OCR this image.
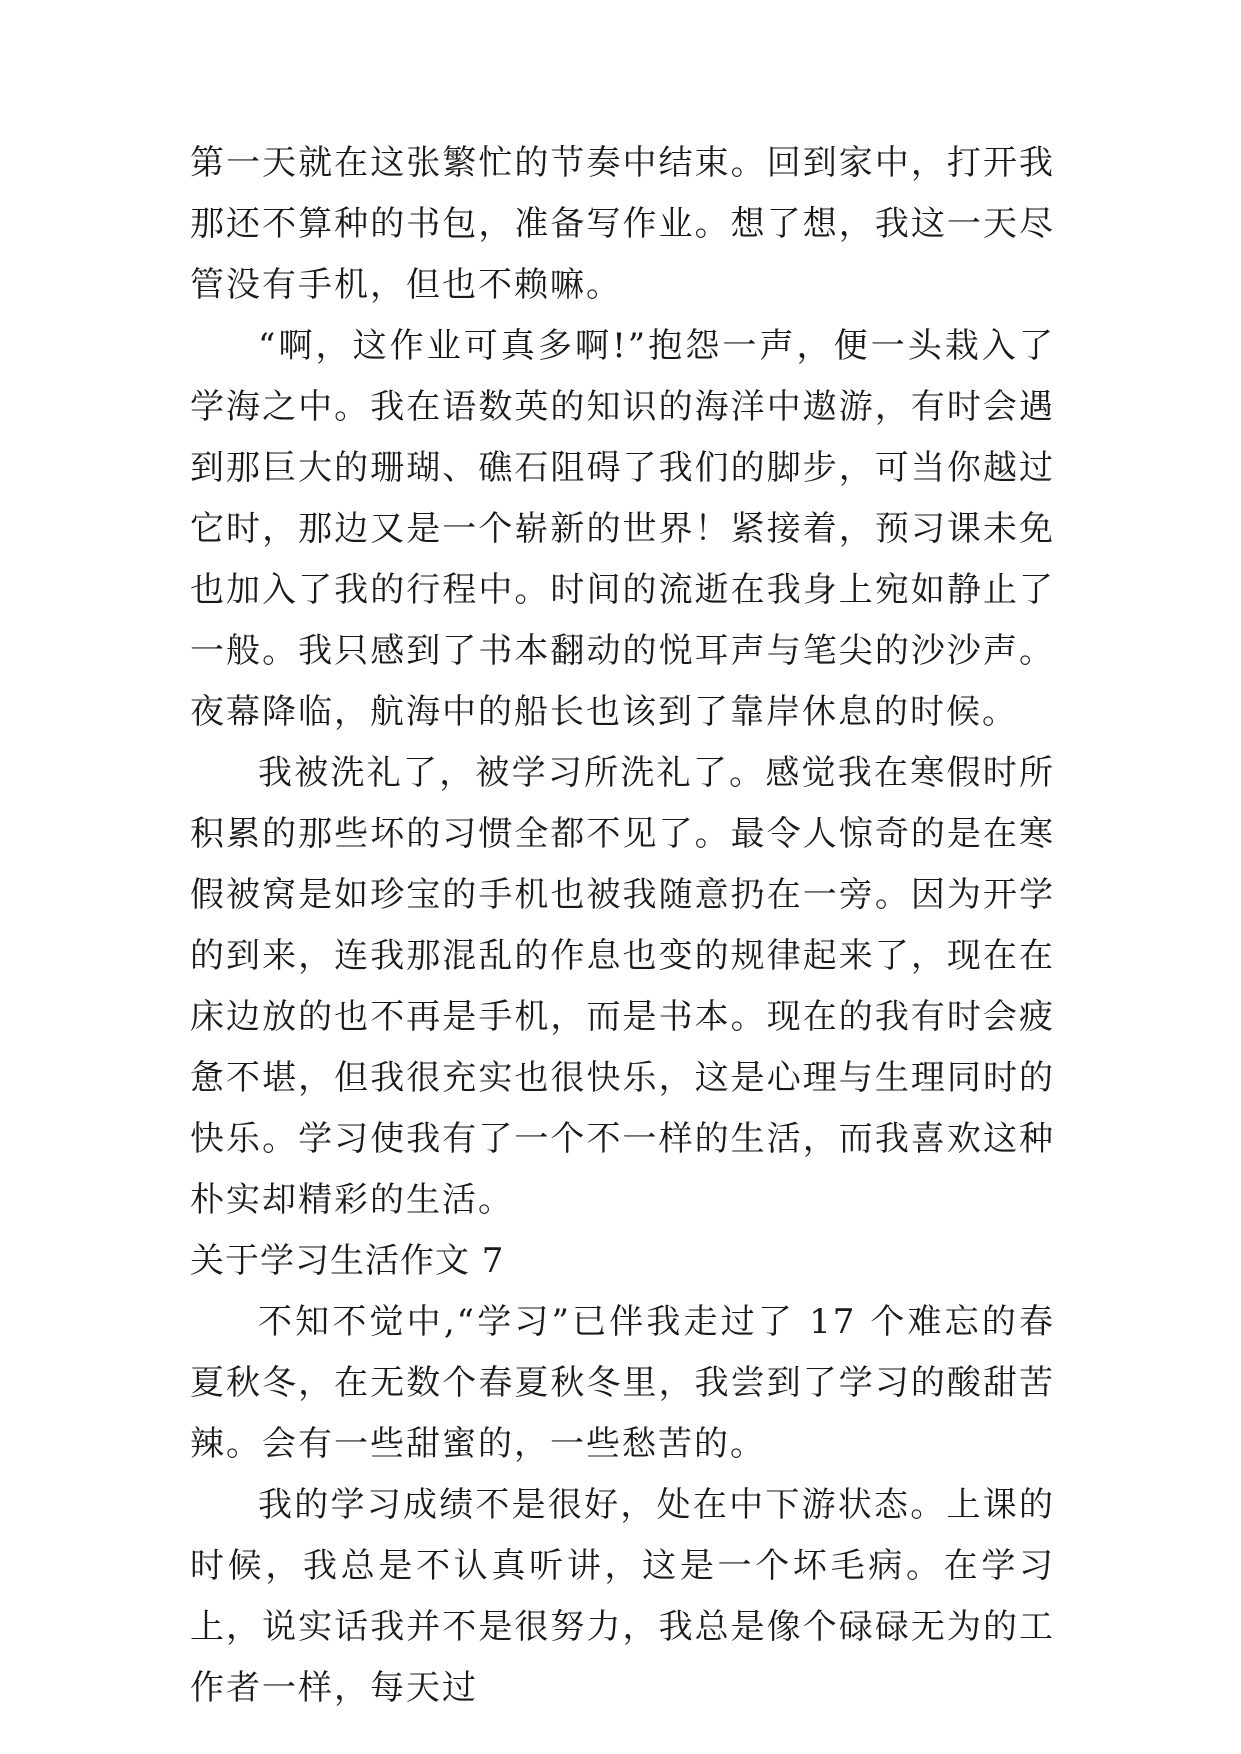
第一天就在这张繁忙的节奏中结束。回到家中，打开我那还不算种的书包，准备写作业。想了想，我这一天尽管没有手机，但也不赖嘛。

“啊，这作业可真多啊!”抱怨一声，便一头栽入了学海之中。我在语数英的知识的海洋中遨游，有时会遇到那巨大的珊瑚、礁石阻碍了我们的脚步，可当你越过它时，那边又是一个崭新的世界！紧接着，预习课未免也加入了我的行程中。时间的流逝在我身上宛如静止了一般。我只感到了书本翻动的悦耳声与笔尖的沙沙声。夜幕降临，航海中的船长也该到了靠岸休息的时候。

我被洗礼了，被学习所洗礼了。感觉我在寒假时所积累的那些坏的习惯全都不见了。最令人惊奇的是在寒假被窝是如珍宝的手机也被我随意扔在一旁。因为开学的到来，连我那混乱的作息也变的规律起来了，现在在床边放的也不再是手机，而是书本。现在的我有时会疲惫不堪，但我很充实也很快乐，这是心理与生理同时的快乐。学习使我有了一个不一样的生活，而我喜欢这种朴实却精彩的生活。

关于学习生活作文 7

不知不觉中,“学习”已伴我走过了 17 个难忘的春夏秋冬，在无数个春夏秋冬里，我尝到了学习的酸甜苦辣。会有一些甜蜜的，一些愁苦的。

我的学习成绩不是很好，处在中下游状态。上课的时候，我总是不认真听讲，这是一个坏毛病。在学习上，说实话我并不是很努力，我总是像个碌碌无为的工作者一样，每天过
